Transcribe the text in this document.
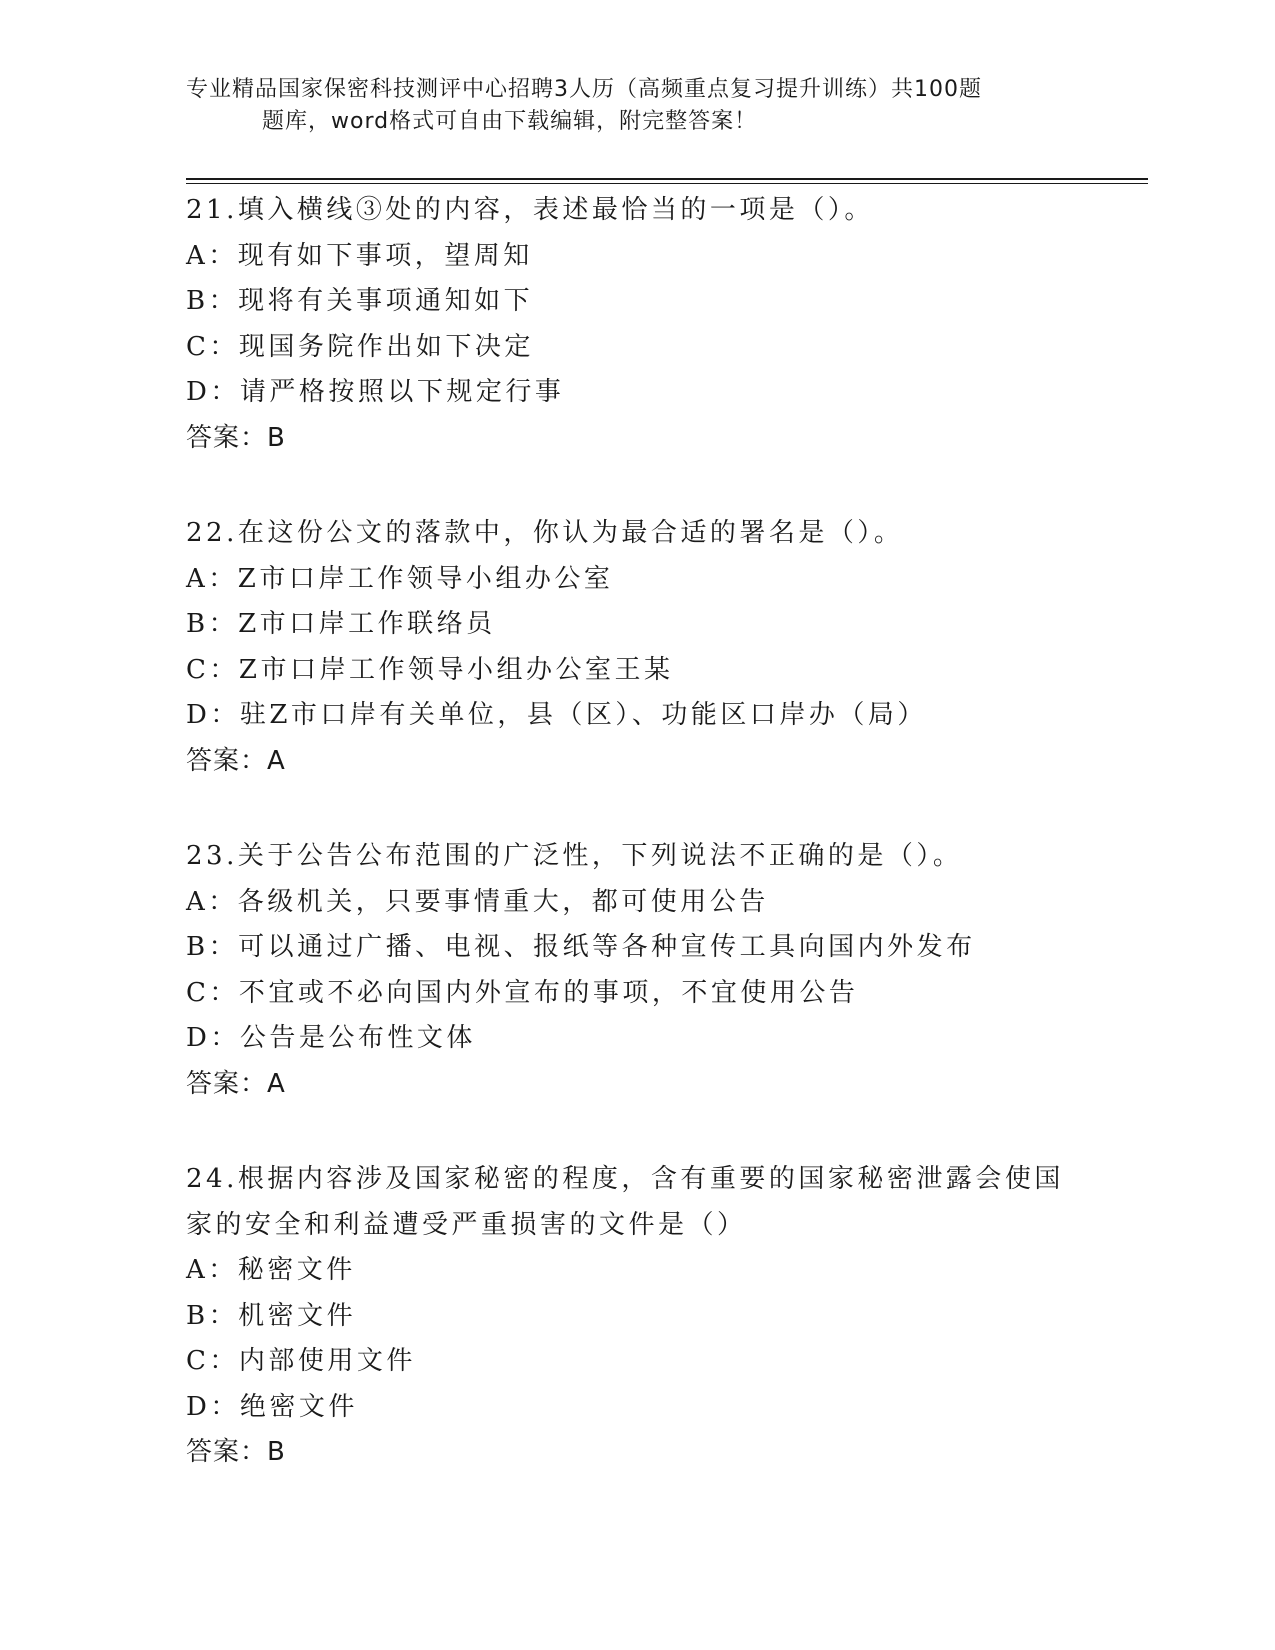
专业精品国家保密科技测评中心招聘3人历（高频重点复习提升训练）共100题
题库，word格式可自由下载编辑，附完整答案！
21.填入横线③处的内容，表述最恰当的一项是（）。
A：现有如下事项，望周知
B：现将有关事项通知如下
C：现国务院作出如下决定
D：请严格按照以下规定行事
答案：B
22.在这份公文的落款中，你认为最合适的署名是（）。
A：Z市口岸工作领导小组办公室
B：Z市口岸工作联络员
C：Z市口岸工作领导小组办公室王某
D：驻Z市口岸有关单位，县（区）、功能区口岸办（局）
答案：A
23.关于公告公布范围的广泛性，下列说法不正确的是（）。
A：各级机关，只要事情重大，都可使用公告
B：可以通过广播、电视、报纸等各种宣传工具向国内外发布
C：不宜或不必向国内外宣布的事项，不宜使用公告
D：公告是公布性文体
答案：A
24.根据内容涉及国家秘密的程度，含有重要的国家秘密泄露会使国家的安全和利益遭受严重损害的文件是（）
A：秘密文件
B：机密文件
C：内部使用文件
D：绝密文件
答案：B
